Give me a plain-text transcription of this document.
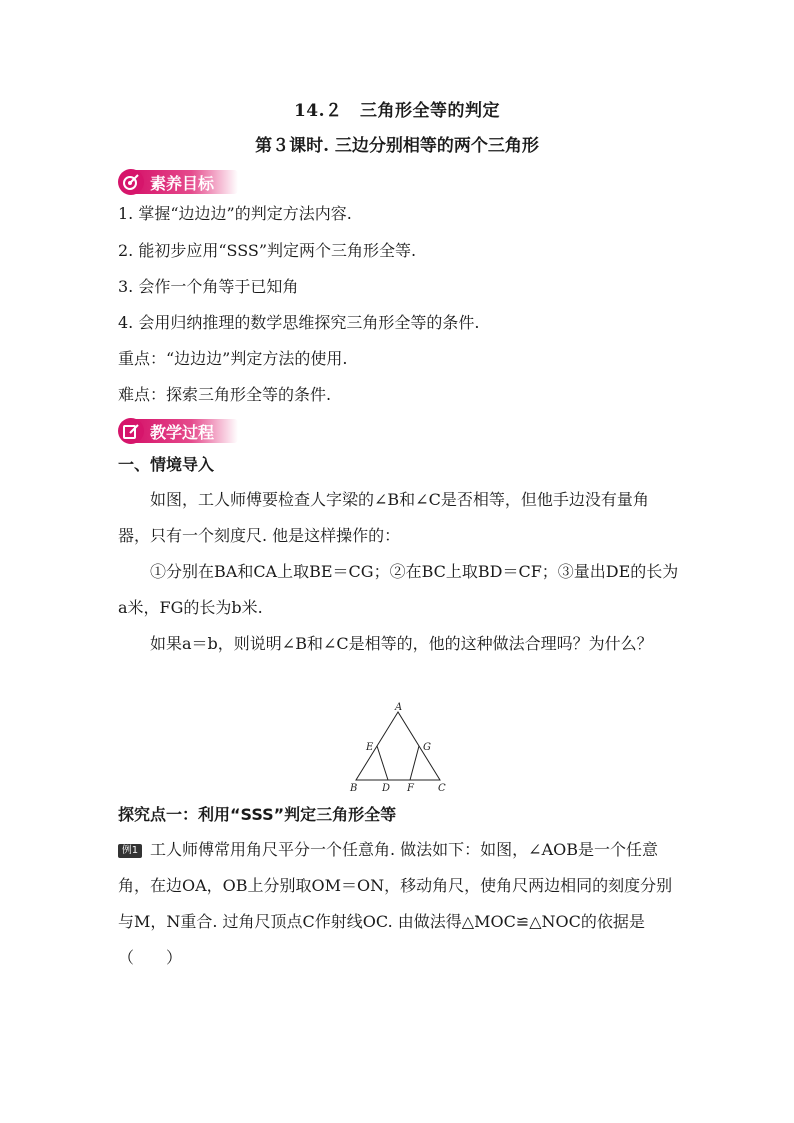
14.２　三角形全等的判定
第３课时. 三边分别相等的两个三角形
素养目标
1. 掌握“边边边”的判定方法内容.
2. 能初步应用“SSS”判定两个三角形全等.
3. 会作一个角等于已知角
4. 会用归纳推理的数学思维探究三角形全等的条件.
重点：“边边边”判定方法的使用.
难点：探索三角形全等的条件.
教学过程
一、情境导入
如图，工人师傅要检查人字梁的∠B和∠C是否相等，但他手边没有量角器，只有一个刻度尺. 他是这样操作的：
①分别在BA和CA上取BE＝CG；②在BC上取BD＝CF；③量出DE的长为a米，FG的长为b米.
如果a＝b，则说明∠B和∠C是相等的，他的这种做法合理吗？为什么？
A
B	C
D
E
F
G
探究点一：利用“SSS”判定三角形全等
例1 工人师傅常用角尺平分一个任意角. 做法如下：如图，∠AOB是一个任意角，在边OA，OB上分别取OM＝ON，移动角尺，使角尺两边相同的刻度分别与M，N重合. 过角尺顶点C作射线OC. 由做法得△MOC≌△NOC的依据是（　　）
